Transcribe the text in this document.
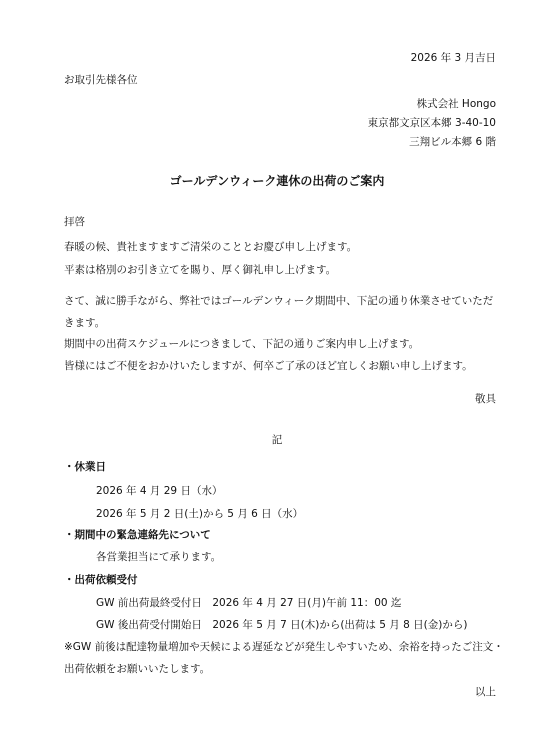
2026 年 3 月吉日
お取引先様各位
株式会社 Hongo
東京都文京区本郷 3-40-10
三翔ビル本郷 6 階
ゴールデンウィーク連休の出荷のご案内
拝啓
春暖の候、貴社ますますご清栄のこととお慶び申し上げます。
平素は格別のお引き立てを賜り、厚く御礼申し上げます。
さて、誠に勝手ながら、弊社ではゴールデンウィーク期間中、下記の通り休業させていただ
きます。
期間中の出荷スケジュールにつきまして、下記の通りご案内申し上げます。
皆様にはご不便をおかけいたしますが、何卒ご了承のほど宜しくお願い申し上げます。
敬具
記
・休業日
2026 年 4 月 29 日（水）
2026 年 5 月 2 日(土)から 5 月 6 日（水）
・期間中の緊急連絡先について
各営業担当にて承ります。
・出荷依頼受付
GW 前出荷最終受付日　2026 年 4 月 27 日(月)午前 11：00 迄
GW 後出荷受付開始日　2026 年 5 月 7 日(木)から(出荷は 5 月 8 日(金)から)
※GW 前後は配達物量増加や天候による遅延などが発生しやすいため、余裕を持ったご注文・
出荷依頼をお願いいたします。
以上
